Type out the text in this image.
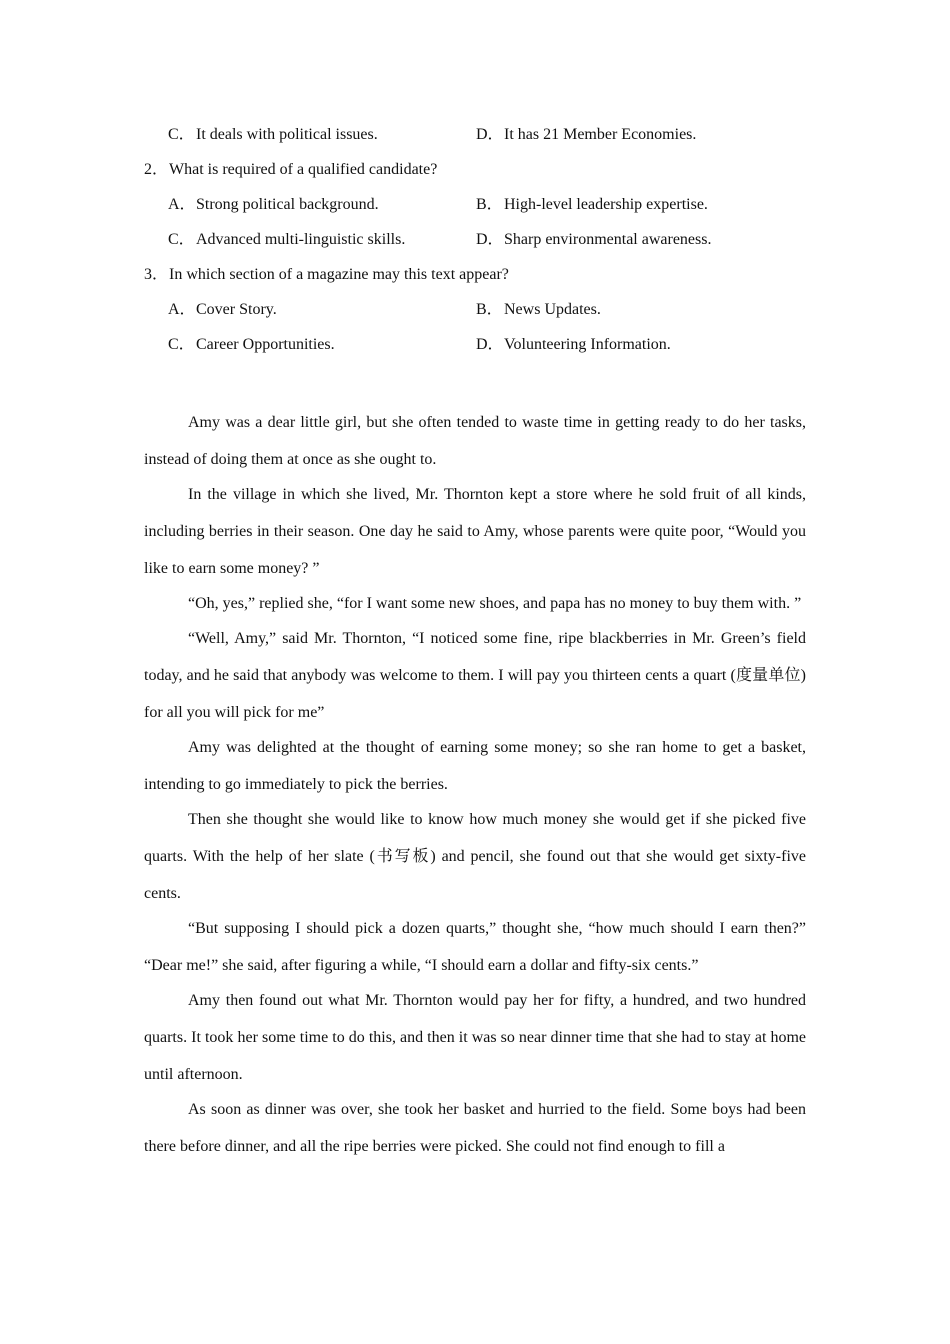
C．It deals with political issues.	D．It has 21 Member Economies.
2．What is required of a qualified candidate?
A．Strong political background.	B．High-level leadership expertise.
C．Advanced multi-linguistic skills.	D．Sharp environmental awareness.
3．In which section of a magazine may this text appear?
A．Cover Story.	B．News Updates.
C．Career Opportunities.	D．Volunteering Information.

Amy was a dear little girl, but she often tended to waste time in getting ready to do her tasks, instead of doing them at once as she ought to.

In the village in which she lived, Mr. Thornton kept a store where he sold fruit of all kinds, including berries in their season. One day he said to Amy, whose parents were quite poor, “Would you like to earn some money? ”

“Oh, yes,” replied she, “for I want some new shoes, and papa has no money to buy them with. ”

“Well, Amy,” said Mr. Thornton, “I noticed some fine, ripe blackberries in Mr. Green’s field today, and he said that anybody was welcome to them. I will pay you thirteen cents a quart (度量单位) for all you will pick for me”

Amy was delighted at the thought of earning some money; so she ran home to get a basket, intending to go immediately to pick the berries.

Then she thought she would like to know how much money she would get if she picked five quarts. With the help of her slate (书写板) and pencil, she found out that she would get sixty-five cents.

“But supposing I should pick a dozen quarts,” thought she, “how much should I earn then?” “Dear me!” she said, after figuring a while, “I should earn a dollar and fifty-six cents.”

Amy then found out what Mr. Thornton would pay her for fifty, a hundred, and two hundred quarts. It took her some time to do this, and then it was so near dinner time that she had to stay at home until afternoon.

As soon as dinner was over, she took her basket and hurried to the field. Some boys had been there before dinner, and all the ripe berries were picked. She could not find enough to fill a
